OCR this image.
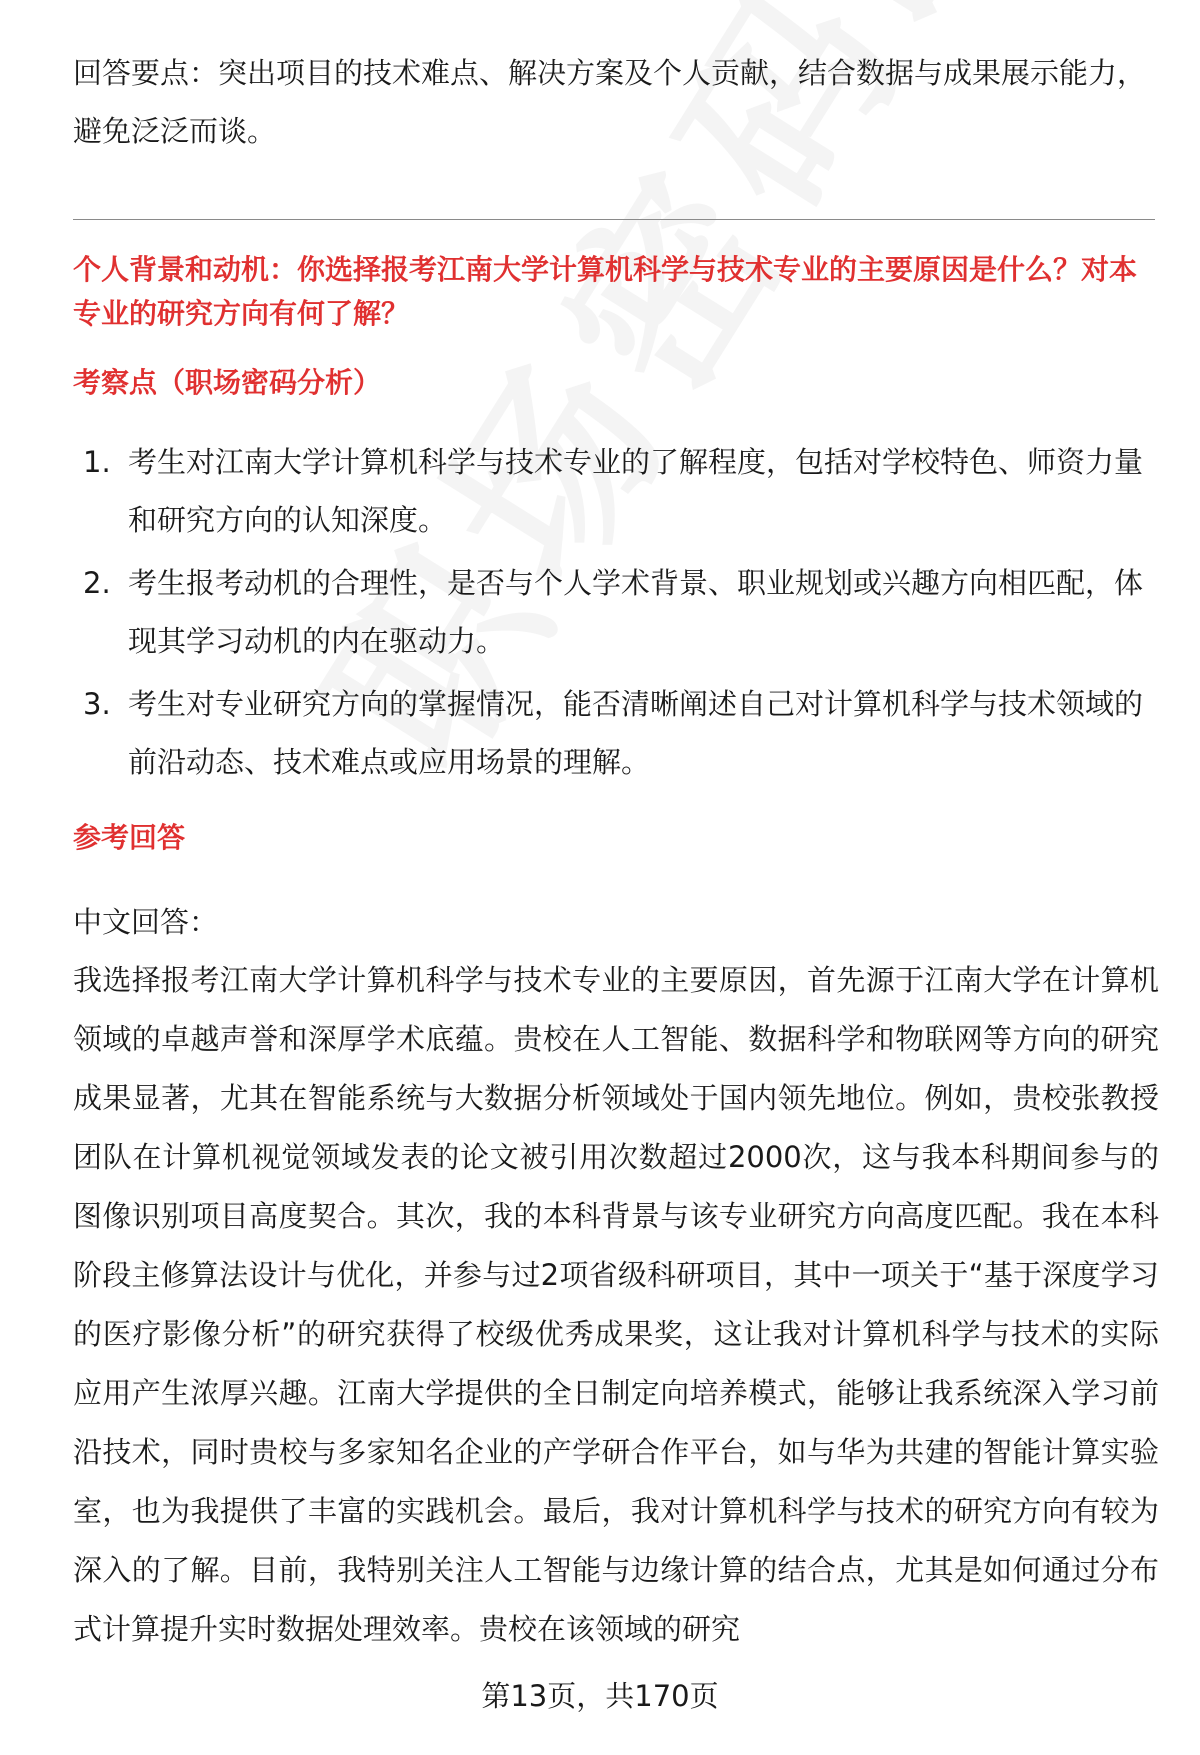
回答要点：突出项目的技术难点、解决方案及个人贡献，结合数据与成果展示能力，避免泛泛而谈。

个人背景和动机：你选择报考江南大学计算机科学与技术专业的主要原因是什么？对本专业的研究方向有何了解？

考察点（职场密码分析）

1. 考生对江南大学计算机科学与技术专业的了解程度，包括对学校特色、师资力量和研究方向的认知深度。
2. 考生报考动机的合理性，是否与个人学术背景、职业规划或兴趣方向相匹配，体现其学习动机的内在驱动力。
3. 考生对专业研究方向的掌握情况，能否清晰阐述自己对计算机科学与技术领域的前沿动态、技术难点或应用场景的理解。

参考回答

中文回答：

我选择报考江南大学计算机科学与技术专业的主要原因，首先源于江南大学在计算机领域的卓越声誉和深厚学术底蕴。贵校在人工智能、数据科学和物联网等方向的研究成果显著，尤其在智能系统与大数据分析领域处于国内领先地位。例如，贵校张教授团队在计算机视觉领域发表的论文被引用次数超过2000次，这与我本科期间参与的图像识别项目高度契合。其次，我的本科背景与该专业研究方向高度匹配。我在本科阶段主修算法设计与优化，并参与过2项省级科研项目，其中一项关于“基于深度学习的医疗影像分析”的研究获得了校级优秀成果奖，这让我对计算机科学与技术的实际应用产生浓厚兴趣。江南大学提供的全日制定向培养模式，能够让我系统深入学习前沿技术，同时贵校与多家知名企业的产学研合作平台，如与华为共建的智能计算实验室，也为我提供了丰富的实践机会。最后，我对计算机科学与技术的研究方向有较为深入的了解。目前，我特别关注人工智能与边缘计算的结合点，尤其是如何通过分布式计算提升实时数据处理效率。贵校在该领域的研究

第13页，共170页
